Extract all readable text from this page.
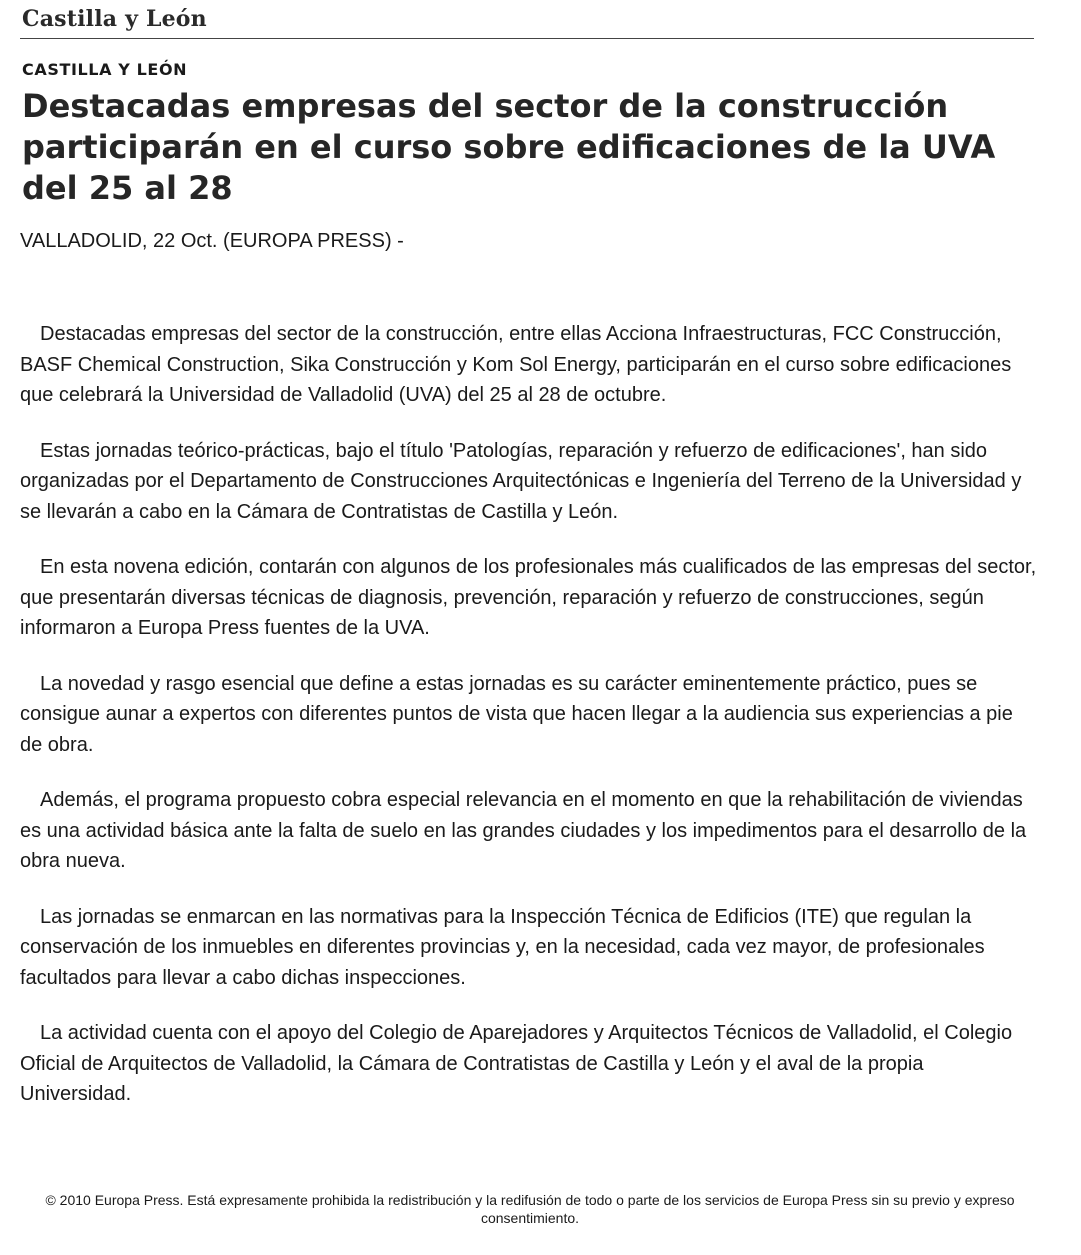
Castilla y León
CASTILLA Y LEÓN
Destacadas empresas del sector de la construcción participarán en el curso sobre edificaciones de la UVA del 25 al 28
VALLADOLID, 22 Oct. (EUROPA PRESS) -

Destacadas empresas del sector de la construcción, entre ellas Acciona Infraestructuras, FCC Construcción, BASF Chemical Construction, Sika Construcción y Kom Sol Energy, participarán en el curso sobre edificaciones que celebrará la Universidad de Valladolid (UVA) del 25 al 28 de octubre.

Estas jornadas teórico-prácticas, bajo el título 'Patologías, reparación y refuerzo de edificaciones', han sido organizadas por el Departamento de Construcciones Arquitectónicas e Ingeniería del Terreno de la Universidad y se llevarán a cabo en la Cámara de Contratistas de Castilla y León.

En esta novena edición, contarán con algunos de los profesionales más cualificados de las empresas del sector, que presentarán diversas técnicas de diagnosis, prevención, reparación y refuerzo de construcciones, según informaron a Europa Press fuentes de la UVA.

La novedad y rasgo esencial que define a estas jornadas es su carácter eminentemente práctico, pues se consigue aunar a expertos con diferentes puntos de vista que hacen llegar a la audiencia sus experiencias a pie de obra.

Además, el programa propuesto cobra especial relevancia en el momento en que la rehabilitación de viviendas es una actividad básica ante la falta de suelo en las grandes ciudades y los impedimentos para el desarrollo de la obra nueva.

Las jornadas se enmarcan en las normativas para la Inspección Técnica de Edificios (ITE) que regulan la conservación de los inmuebles en diferentes provincias y, en la necesidad, cada vez mayor, de profesionales facultados para llevar a cabo dichas inspecciones.

La actividad cuenta con el apoyo del Colegio de Aparejadores y Arquitectos Técnicos de Valladolid, el Colegio Oficial de Arquitectos de Valladolid, la Cámara de Contratistas de Castilla y León y el aval de la propia Universidad.

© 2010 Europa Press. Está expresamente prohibida la redistribución y la redifusión de todo o parte de los servicios de Europa Press sin su previo y expreso consentimiento.
